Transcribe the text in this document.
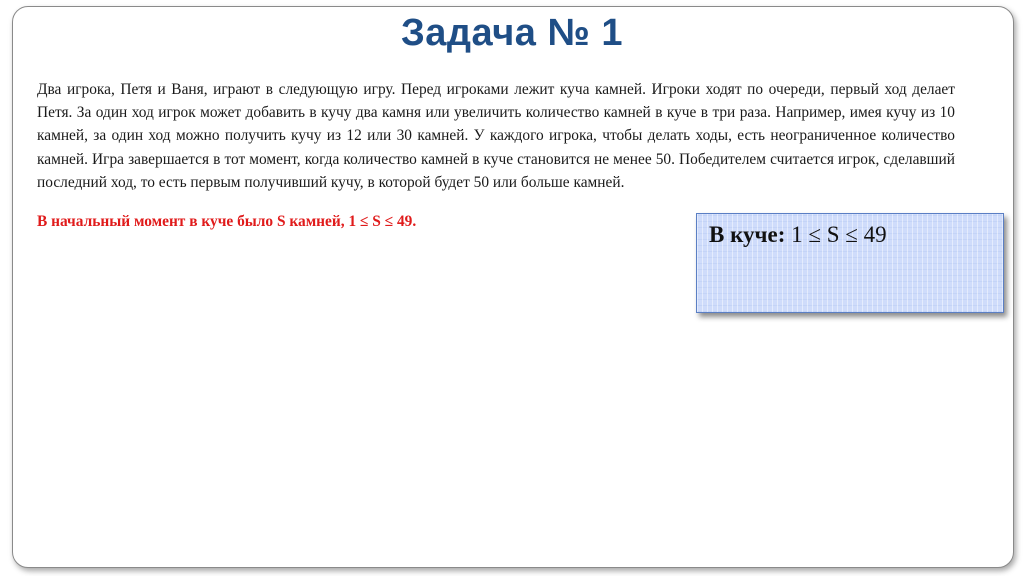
Задача № 1
Два игрока, Петя и Ваня, играют в следующую игру. Перед игроками лежит куча камней. Игроки ходят по очереди, первый ход делает Петя. За один ход игрок может добавить в кучу два камня или увеличить количество камней в куче в три раза. Например, имея кучу из 10 камней, за один ход можно получить кучу из 12 или 30 камней. У каждого игрока, чтобы делать ходы, есть неограниченное количество камней. Игра завершается в тот момент, когда количество камней в куче становится не менее 50. Победителем считается игрок, сделавший последний ход, то есть первым получивший кучу, в которой будет 50 или больше камней.
В начальный момент в куче было S камней, 1 ≤ S ≤ 49.
В куче: 1 ≤ S ≤ 49
